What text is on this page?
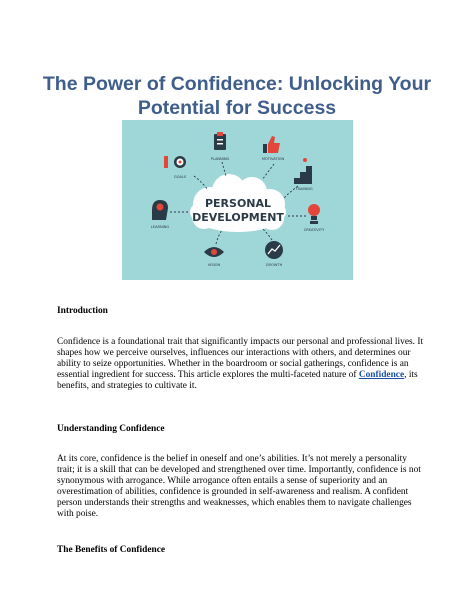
The Power of Confidence: Unlocking Your
Potential for Success
PERSONAL
DEVELOPMENT
GOALS
PLANNING	MOTIVATION
TRAINING
LEARNING
CREATIVITY
VISION	GROWTH
Introduction

Confidence is a foundational trait that significantly impacts our personal and professional lives. It shapes how we perceive ourselves, influences our interactions with others, and determines our ability to seize opportunities. Whether in the boardroom or social gatherings, confidence is an essential ingredient for success. This article explores the multi-faceted nature of Confidence, its benefits, and strategies to cultivate it.

Understanding Confidence

At its core, confidence is the belief in oneself and one’s abilities. It’s not merely a personality trait; it is a skill that can be developed and strengthened over time. Importantly, confidence is not synonymous with arrogance. While arrogance often entails a sense of superiority and an overestimation of abilities, confidence is grounded in self-awareness and realism. A confident person understands their strengths and weaknesses, which enables them to navigate challenges with poise.

The Benefits of Confidence
